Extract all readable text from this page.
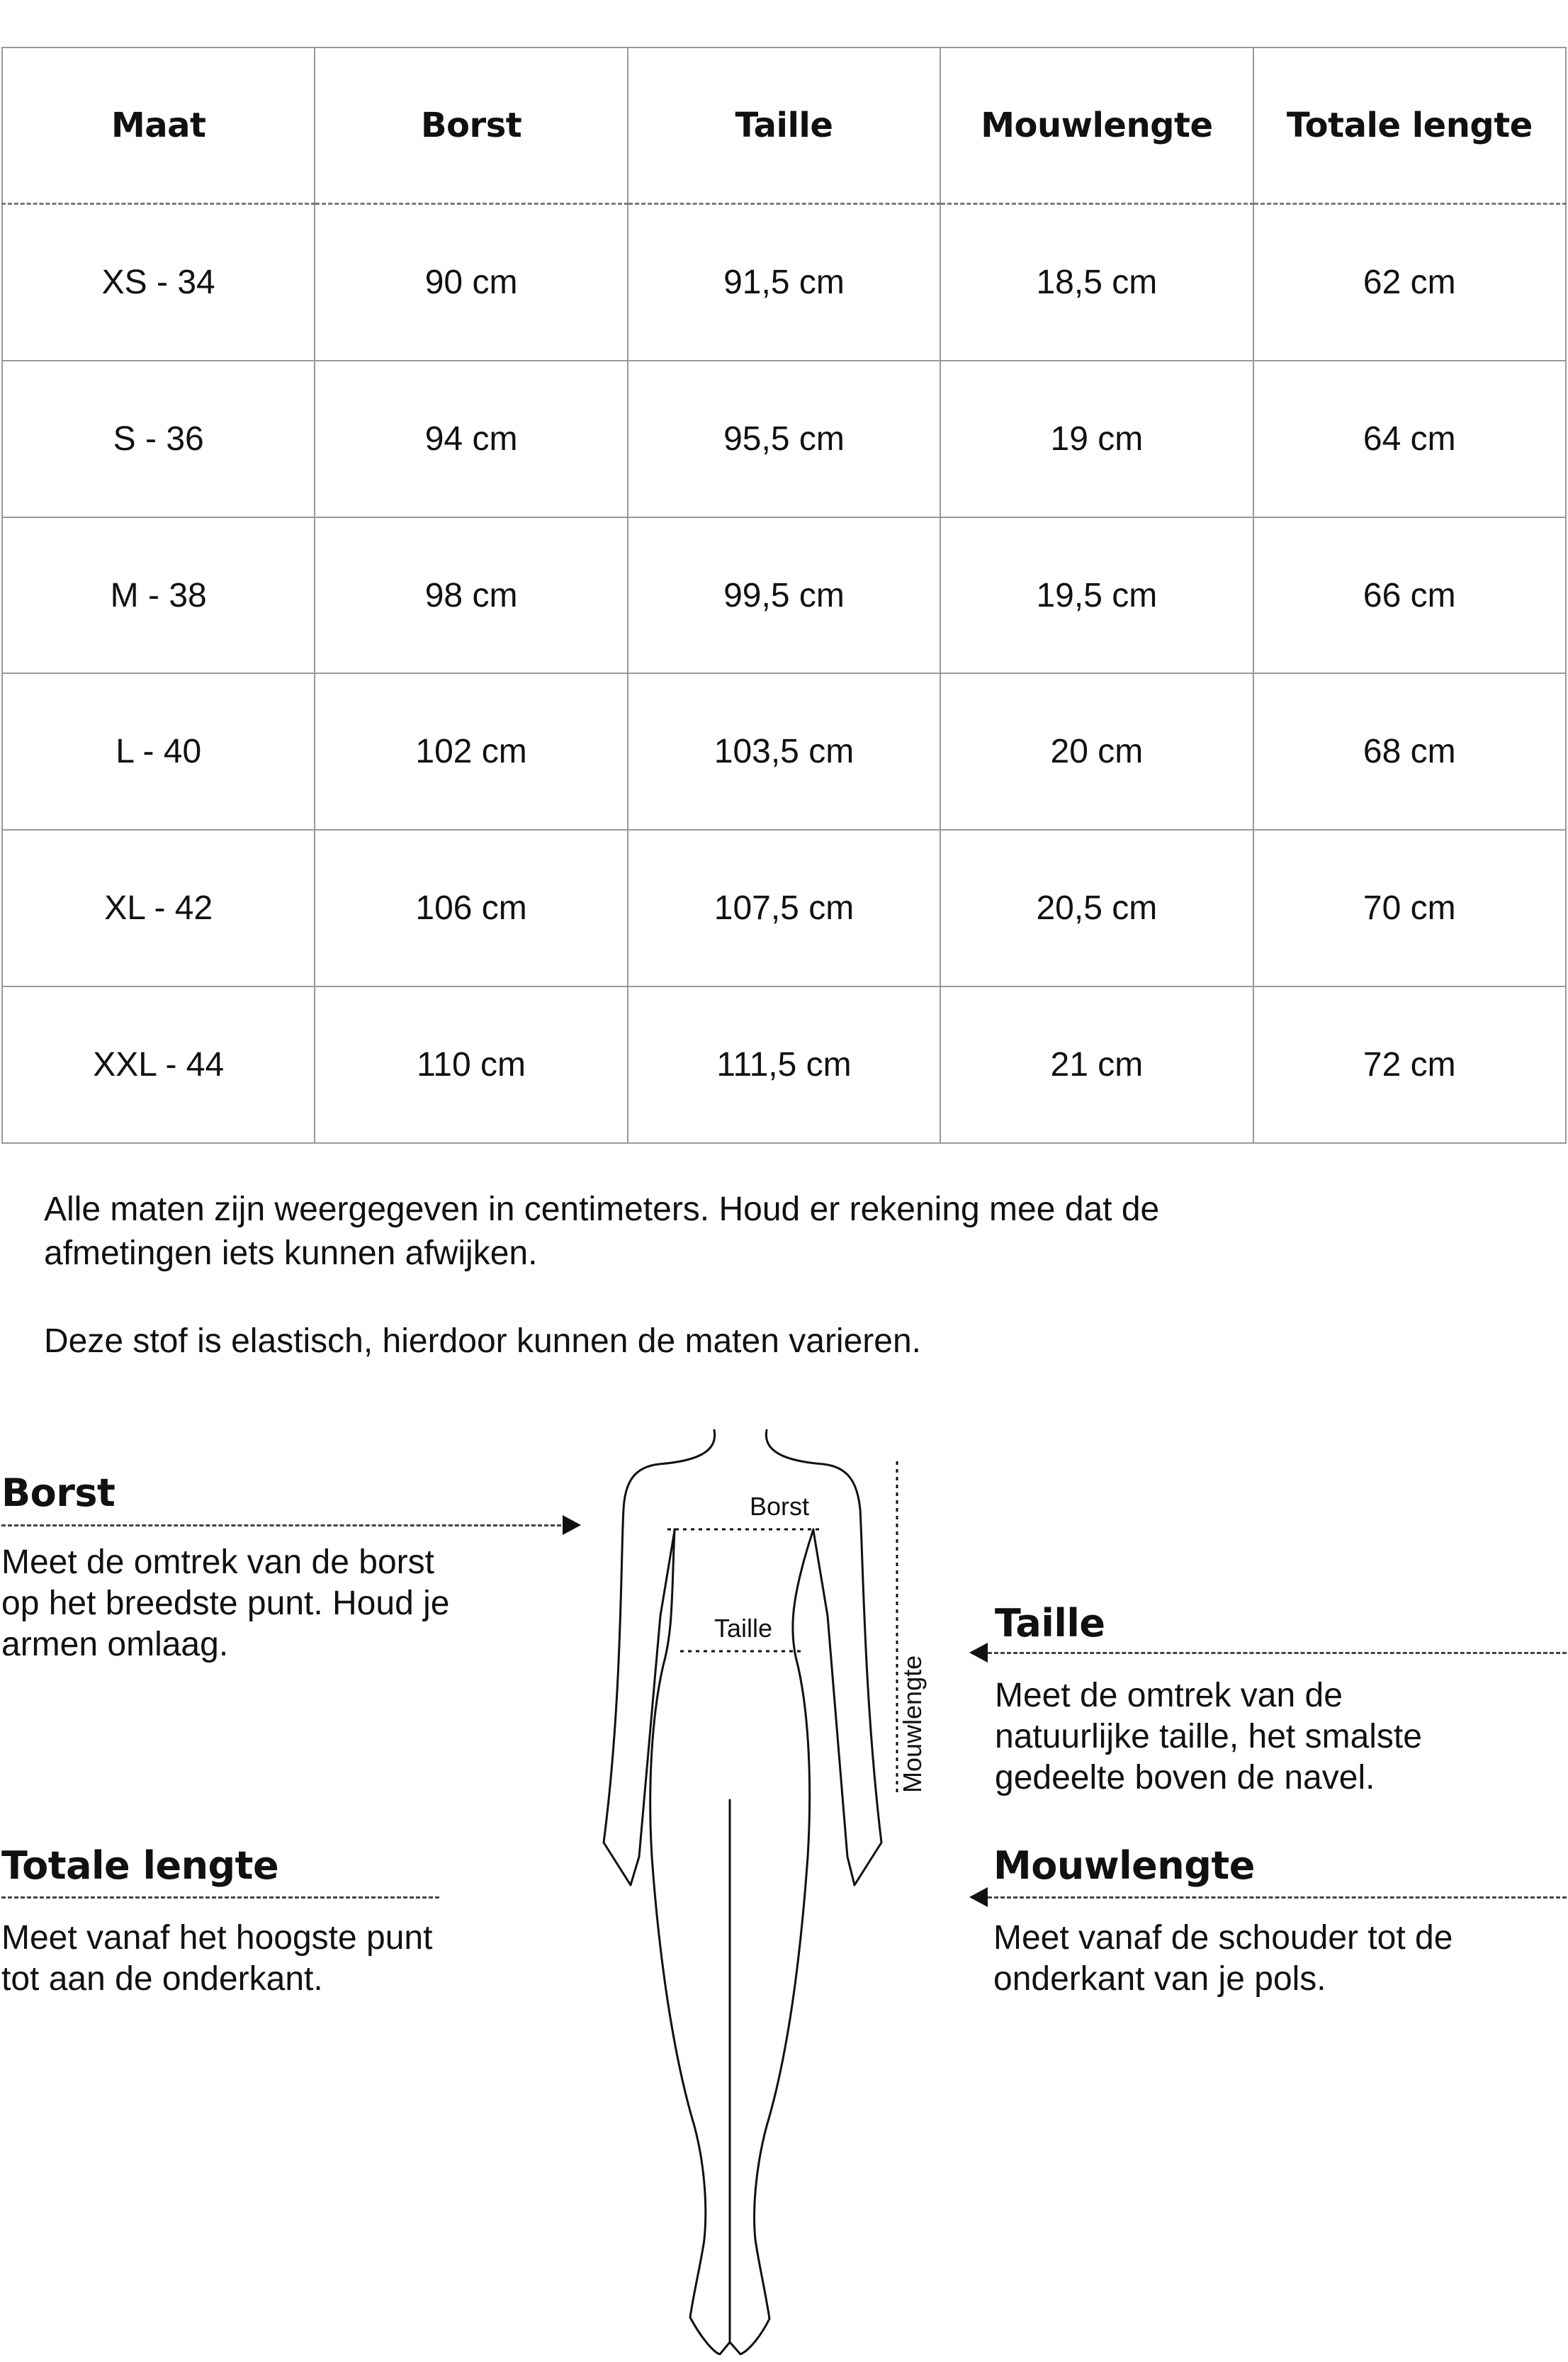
Maat	Borst	Taille	Mouwlengte	Totale lengte
XS - 34	90 cm	91,5 cm	18,5 cm	62 cm
S - 36	94 cm	95,5 cm	19 cm	64 cm
M - 38	98 cm	99,5 cm	19,5 cm	66 cm
L - 40	102 cm	103,5 cm	20 cm	68 cm
XL - 42	106 cm	107,5 cm	20,5 cm	70 cm
XXL - 44	110 cm	111,5 cm	21 cm	72 cm
Alle maten zijn weergegeven in centimeters. Houd er rekening mee dat de
afmetingen iets kunnen afwijken.
Deze stof is elastisch, hierdoor kunnen de maten varieren.
Borst

Meet de omtrek van de borst

op het breedste punt. Houd je

armen omlaag.

Totale lengte

Meet vanaf het hoogste punt

tot aan de onderkant.

Taille

Meet de omtrek van de

natuurlijke taille, het smalste

gedeelte boven de navel.

Mouwlengte

Meet vanaf de schouder tot de

onderkant van je pols.

Borst
Taille
Mouwlengte
